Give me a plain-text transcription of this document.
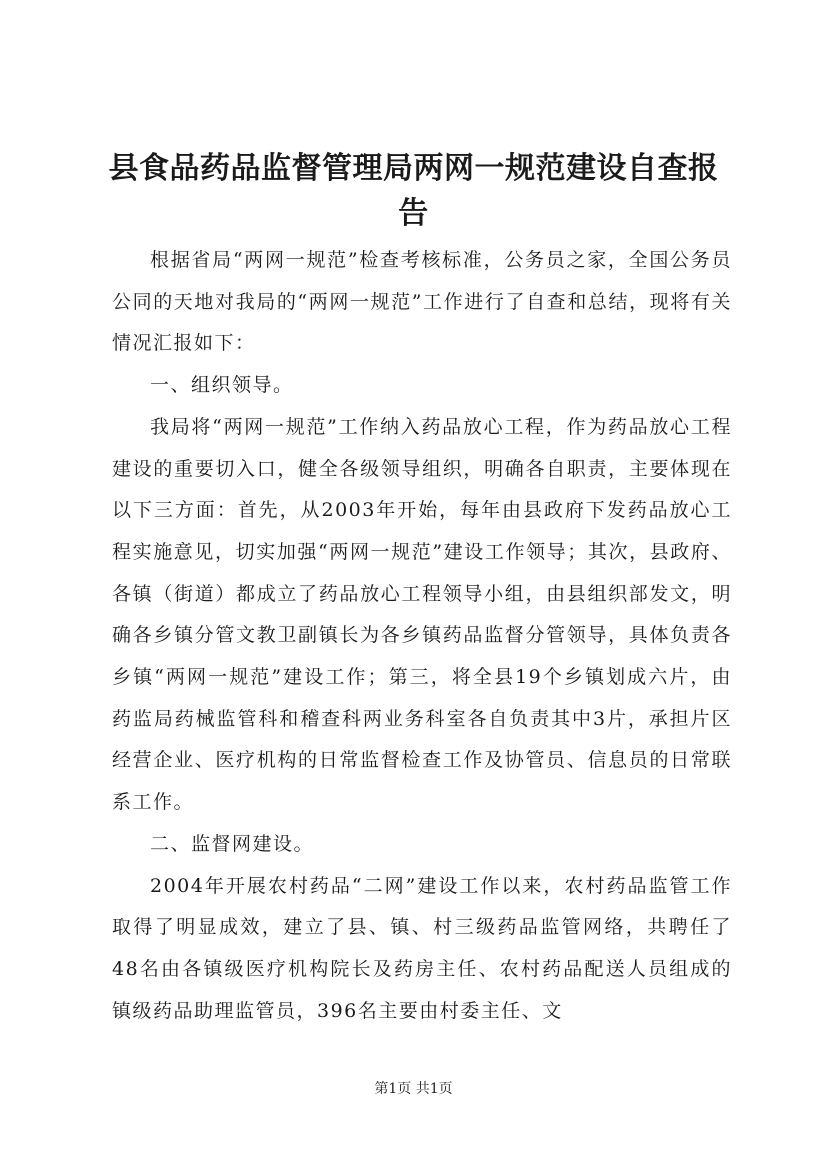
县食品药品监督管理局两网一规范建设自查报告

根据省局“两网一规范”检查考核标准，公务员之家，全国公务员公同的天地对我局的“两网一规范”工作进行了自查和总结，现将有关情况汇报如下：

一、组织领导。

我局将“两网一规范”工作纳入药品放心工程，作为药品放心工程建设的重要切入口，健全各级领导组织，明确各自职责，主要体现在以下三方面：首先，从2003年开始，每年由县政府下发药品放心工程实施意见，切实加强“两网一规范”建设工作领导；其次，县政府、各镇（街道）都成立了药品放心工程领导小组，由县组织部发文，明确各乡镇分管文教卫副镇长为各乡镇药品监督分管领导，具体负责各乡镇“两网一规范”建设工作；第三，将全县19个乡镇划成六片，由药监局药械监管科和稽查科两业务科室各自负责其中3片，承担片区经营企业、医疗机构的日常监督检查工作及协管员、信息员的日常联系工作。

二、监督网建设。

2004年开展农村药品“二网”建设工作以来，农村药品监管工作取得了明显成效，建立了县、镇、村三级药品监管网络，共聘任了48名由各镇级医疗机构院长及药房主任、农村药品配送人员组成的镇级药品助理监管员，396名主要由村委主任、文

第1页 共1页
